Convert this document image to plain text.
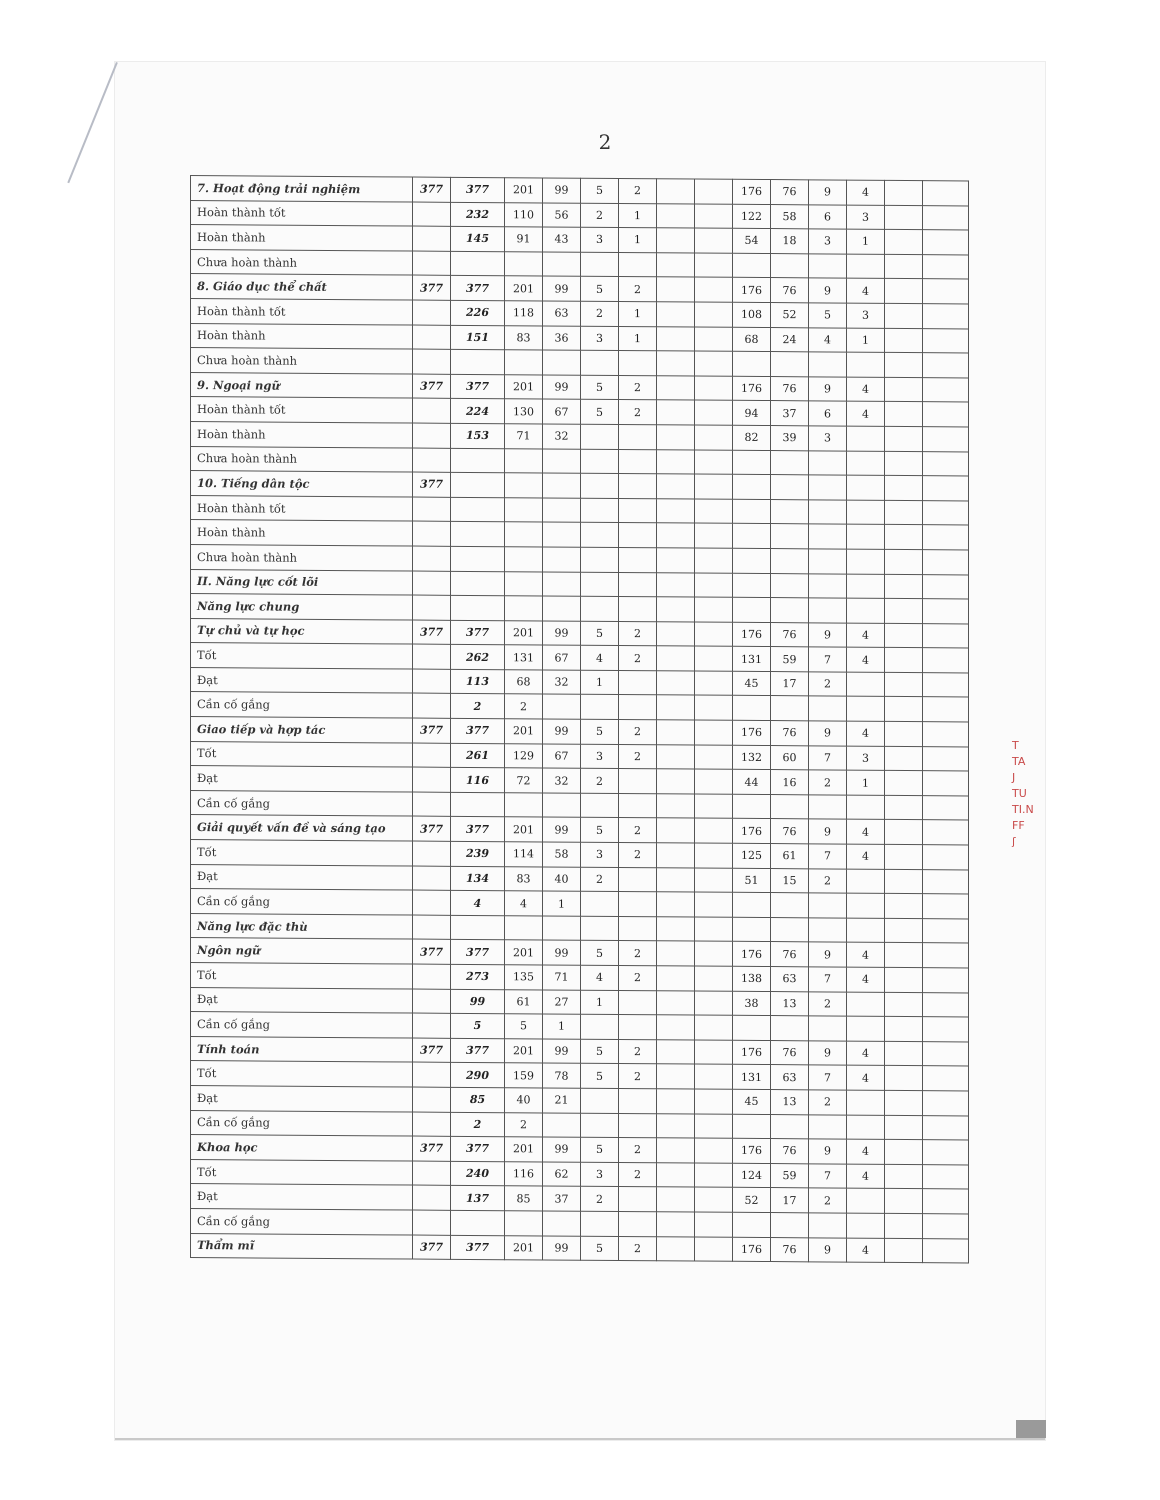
2
7. Hoạt động trải nghiệm	377	377	201	99	5	2			176	76	9	4		
Hoàn thành tốt		232	110	56	2	1			122	58	6	3		
Hoàn thành		145	91	43	3	1			54	18	3	1		
Chưa hoàn thành														
8. Giáo dục thể chất	377	377	201	99	5	2			176	76	9	4		
Hoàn thành tốt		226	118	63	2	1			108	52	5	3		
Hoàn thành		151	83	36	3	1			68	24	4	1		
Chưa hoàn thành														
9. Ngoại ngữ	377	377	201	99	5	2			176	76	9	4		
Hoàn thành tốt		224	130	67	5	2			94	37	6	4		
Hoàn thành		153	71	32					82	39	3			
Chưa hoàn thành														
10. Tiếng dân tộc	377													
Hoàn thành tốt														
Hoàn thành														
Chưa hoàn thành														
II. Năng lực cốt lõi														
Năng lực chung														
Tự chủ và tự học	377	377	201	99	5	2			176	76	9	4		
Tốt		262	131	67	4	2			131	59	7	4		
Đạt		113	68	32	1				45	17	2			
Cần cố gắng		2	2											
Giao tiếp và hợp tác	377	377	201	99	5	2			176	76	9	4		
Tốt		261	129	67	3	2			132	60	7	3		
Đạt		116	72	32	2				44	16	2	1		
Cần cố gắng														
Giải quyết vấn đề và sáng tạo	377	377	201	99	5	2			176	76	9	4		
Tốt		239	114	58	3	2			125	61	7	4		
Đạt		134	83	40	2				51	15	2			
Cần cố gắng		4	4	1										
Năng lực đặc thù														
Ngôn ngữ	377	377	201	99	5	2			176	76	9	4		
Tốt		273	135	71	4	2			138	63	7	4		
Đạt		99	61	27	1				38	13	2			
Cần cố gắng		5	5	1										
Tính toán	377	377	201	99	5	2			176	76	9	4		
Tốt		290	159	78	5	2			131	63	7	4		
Đạt		85	40	21					45	13	2			
Cần cố gắng		2	2											
Khoa học	377	377	201	99	5	2			176	76	9	4		
Tốt		240	116	62	3	2			124	59	7	4		
Đạt		137	85	37	2				52	17	2			
Cần cố gắng														
Thẩm mĩ	377	377	201	99	5	2			176	76	9	4		
T
TA
J
TU
TI.N
FF
ʃ
